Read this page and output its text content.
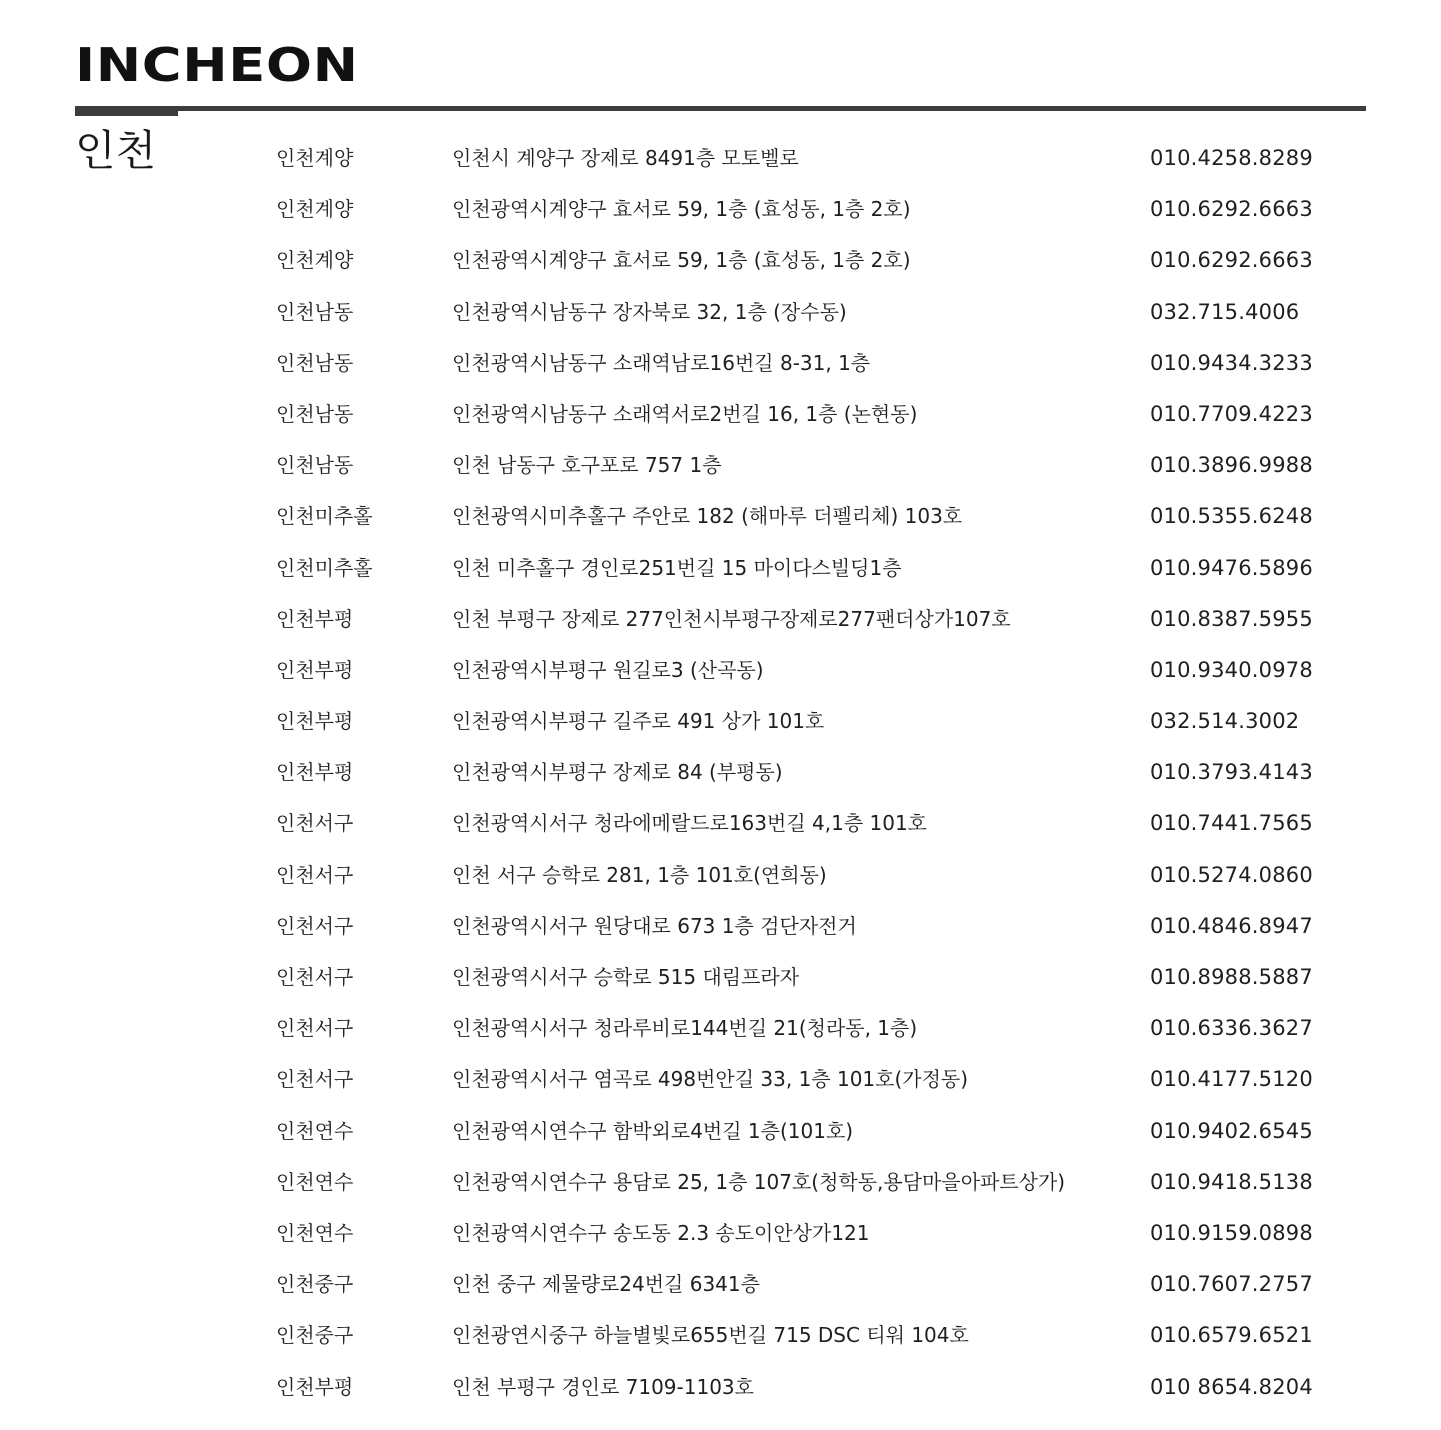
INCHEON
인천	인천계양	인천시 계양구 장제로 8491층 모토벨로	010.4258.8289
인천계양	인천광역시계양구 효서로 59, 1층 (효성동, 1층 2호)	010.6292.6663
인천계양	인천광역시계양구 효서로 59, 1층 (효성동, 1층 2호)	010.6292.6663
인천남동	인천광역시남동구 장자북로 32, 1층 (장수동)	032.715.4006
인천남동	인천광역시남동구 소래역남로16번길 8-31, 1층	010.9434.3233
인천남동	인천광역시남동구 소래역서로2번길 16, 1층 (논현동)	010.7709.4223
인천남동	인천 남동구 호구포로 757 1층	010.3896.9988
인천미추홀	인천광역시미추홀구 주안로 182 (해마루 더펠리체) 103호	010.5355.6248
인천미추홀	인천 미추홀구 경인로251번길 15 마이다스빌딩1층	010.9476.5896
인천부평	인천 부평구 장제로 277인천시부평구장제로277팬더상가107호	010.8387.5955
인천부평	인천광역시부평구 원길로3 (산곡동)	010.9340.0978
인천부평	인천광역시부평구 길주로 491 상가 101호	032.514.3002
인천부평	인천광역시부평구 장제로 84 (부평동)	010.3793.4143
인천서구	인천광역시서구 청라에메랄드로163번길 4,1층 101호	010.7441.7565
인천서구	인천 서구 승학로 281, 1층 101호(연희동)	010.5274.0860
인천서구	인천광역시서구 원당대로 673 1층 검단자전거	010.4846.8947
인천서구	인천광역시서구 승학로 515 대림프라자	010.8988.5887
인천서구	인천광역시서구 청라루비로144번길 21(청라동, 1층)	010.6336.3627
인천서구	인천광역시서구 염곡로 498번안길 33, 1층 101호(가정동)	010.4177.5120
인천연수	인천광역시연수구 함박외로4번길 1층(101호)	010.9402.6545
인천연수	인천광역시연수구 용담로 25, 1층 107호(청학동,용담마을아파트상가)	010.9418.5138
인천연수	인천광역시연수구 송도동 2.3 송도이안상가121	010.9159.0898
인천중구	인천 중구 제물량로24번길 6341층	010.7607.2757
인천중구	인천광연시중구 하늘별빛로655번길 715 DSC 티워 104호	010.6579.6521
인천부평	인천 부평구 경인로 7109-1103호	010 8654.8204
